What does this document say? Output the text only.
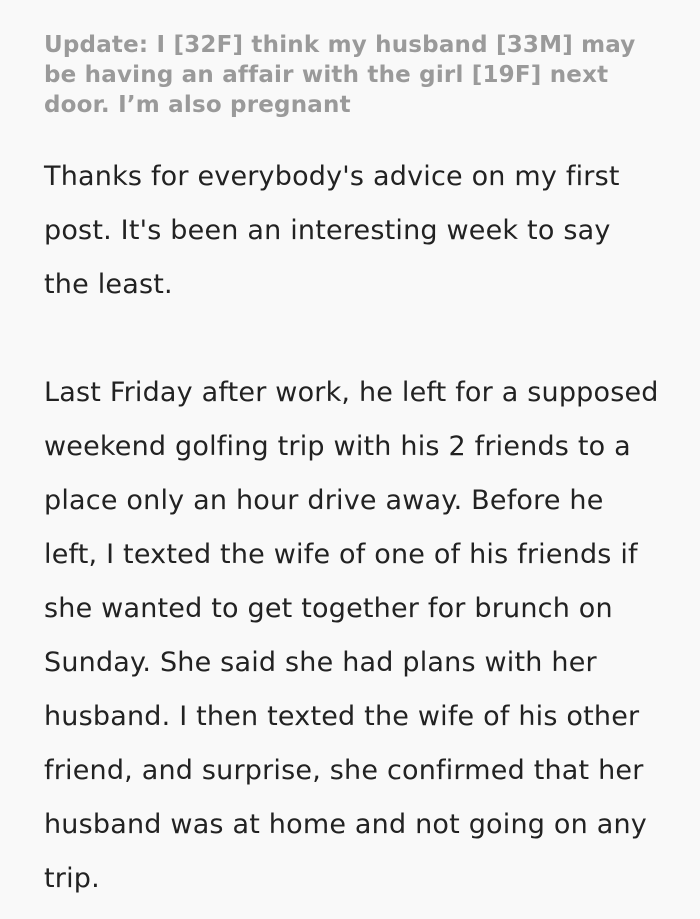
Update: I [32F] think my husband [33M] may be having an affair with the girl [19F] next door. I’m also pregnant

Thanks for everybody's advice on my first post. It's been an interesting week to say the least.

Last Friday after work, he left for a supposed weekend golfing trip with his 2 friends to a place only an hour drive away. Before he left, I texted the wife of one of his friends if she wanted to get together for brunch on Sunday. She said she had plans with her husband. I then texted the wife of his other friend, and surprise, she confirmed that her husband was at home and not going on any trip.
